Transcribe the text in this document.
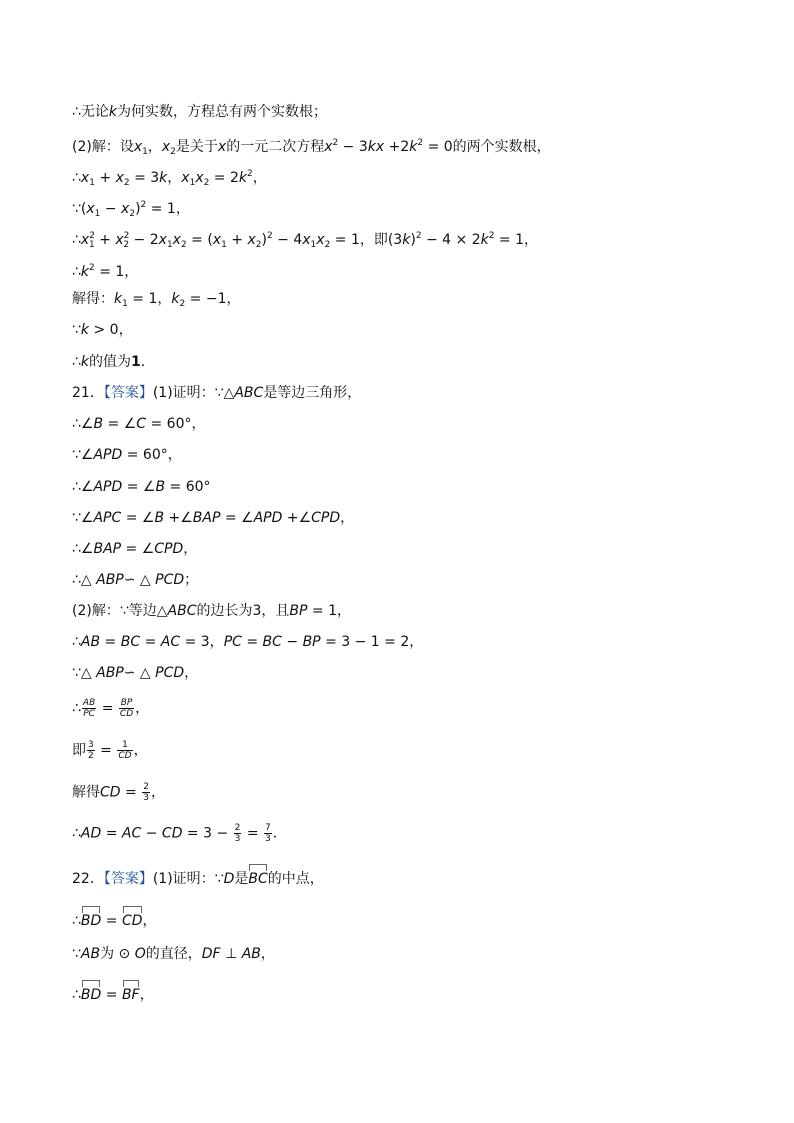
∴无论k为何实数，方程总有两个实数根；
(2)解：设$x_1$，$x_2$是关于x的一元二次方程$x^2 - 3kx +2k^2 = 0$的两个实数根，
$\therefore x_1 + x_2 = 3k$，$x_1x_2 = 2k^2$，
$\because(x_1 - x_2)^2 = 1$，
$\therefore x^2_1 + x^2_2 - 2x_1x_2 = (x_1 + x_2)^2 - 4x_1x_2 = 1$，即$(3k)^2 - 4 \times 2k^2 = 1$，
$\therefore k^2 = 1$，
解得：$k_1 = 1$，$k_2 = -1$，
∵k > 0，
∴k的值为1．
21．【答案】(1)证明：∵△ABC是等边三角形，
∴∠B = ∠C = 60°，
∵∠APD = 60°，
∴∠APD = ∠B = 60°
∵∠APC = ∠B +∠BAP = ∠APD +∠CPD，
∴∠BAP = ∠CPD，
∴△ ABP∽ △ PCD；
(2)解：∵等边△ABC的边长为3，且BP = 1，
∴AB = BC = AC = 3，PC = BC − BP = 3 − 1 = 2，
∵△ ABP∽ △ PCD，
∴ $\frac{AB}{PC} = \frac{BP}{CD}$ ，
即 $\frac{3}{2} = \frac{1}{CD}$ ，
解得CD = $\frac{2}{3}$ ，
∴AD = AC − CD = $3 - \frac{2}{3} = \frac{7}{3}$ ．
22．【答案】(1)证明：∵D是BC的中点，
∴BD = CD，
∵AB为 ⊙ O的直径，DF ⊥ AB，
∴BD = BF，
